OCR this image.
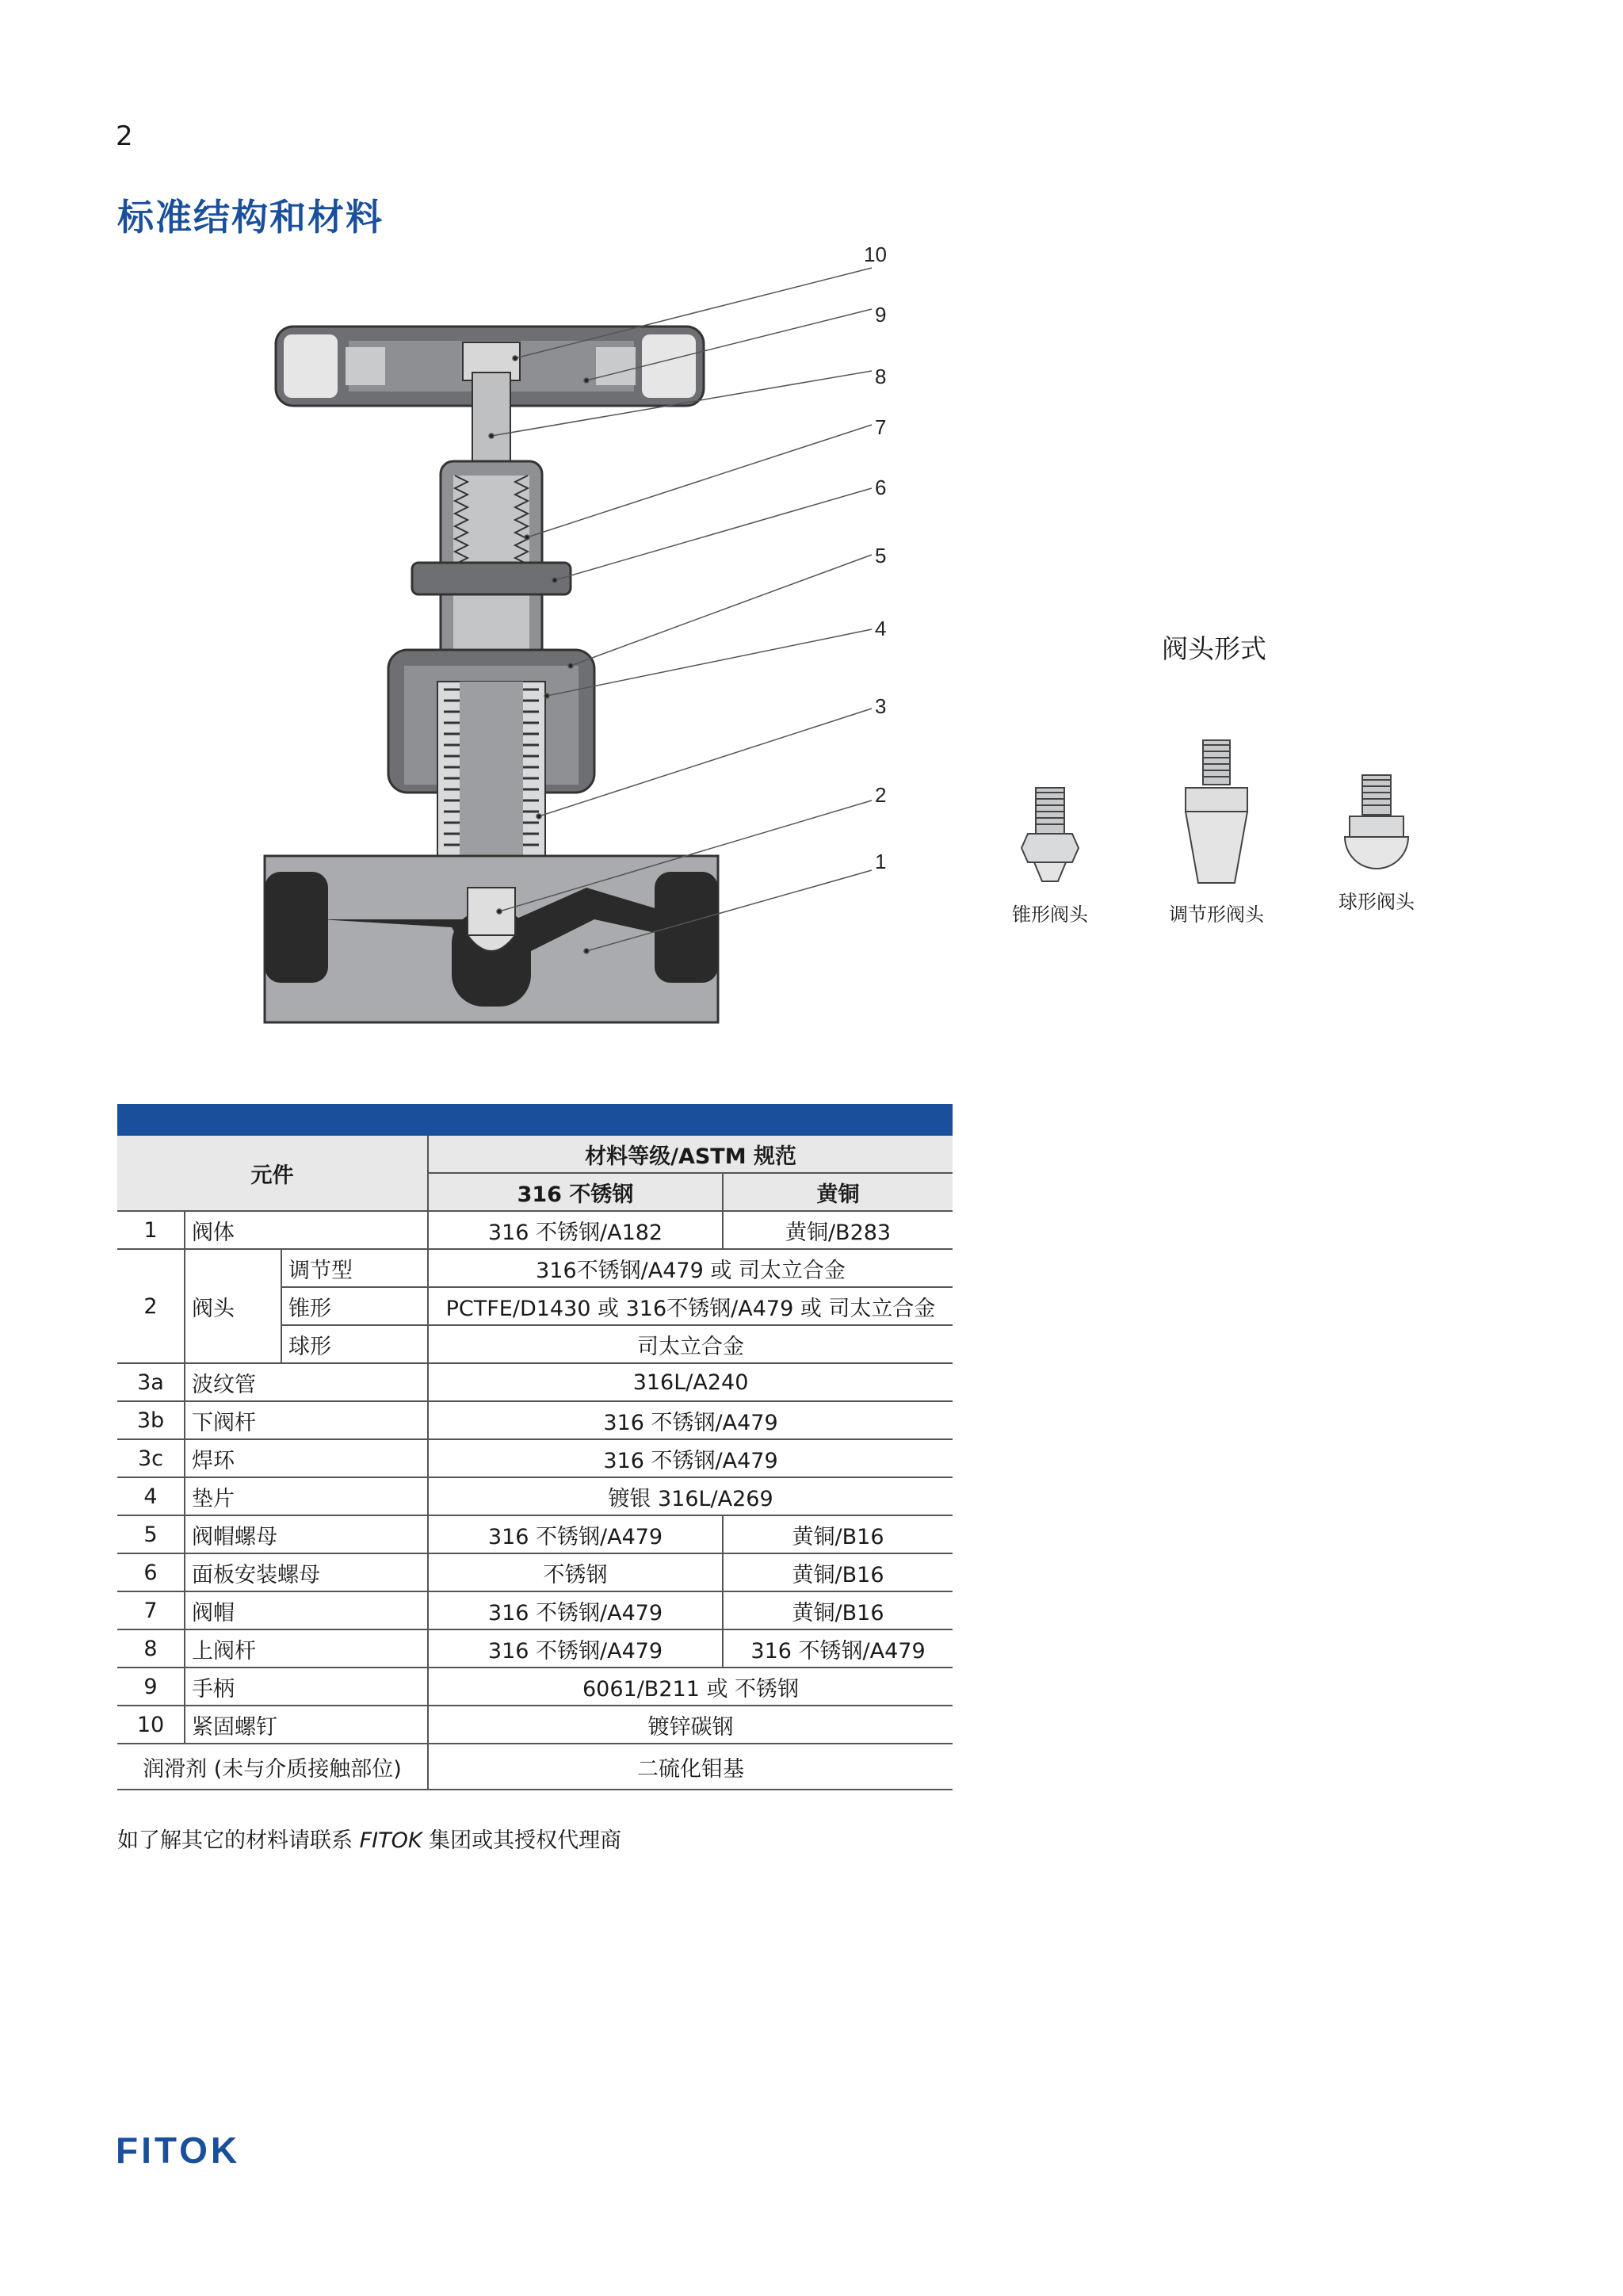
2
标准结构和材料
10
9
8
7
6
5
4
3
2
1
阀头形式
锥形阀头	调节形阀头
球形阀头

元件			材料等级/ASTM 规范	
			316 不锈钢	黄铜
1	阀体		316 不锈钢/A182	黄铜/B283
2	阀头	调节型	316不锈钢/A479 或 司太立合金	
		锥形	PCTFE/D1430 或 316不锈钢/A479 或 司太立合金	
		球形	司太立合金	
3a	波纹管		316L/A240	
3b	下阀杆		316 不锈钢/A479	
3c	焊环		316 不锈钢/A479	
4	垫片		镀银 316L/A269	
5	阀帽螺母		316 不锈钢/A479	黄铜/B16
6	面板安装螺母		不锈钢	黄铜/B16
7	阀帽		316 不锈钢/A479	黄铜/B16
8	上阀杆		316 不锈钢/A479	316 不锈钢/A479
9	手柄		6061/B211 或 不锈钢	
10	紧固螺钉		镀锌碳钢	
润滑剂 (未与介质接触部位)			二硫化钼基	
如了解其它的材料请联系 FITOK 集团或其授权代理商
FITOK
